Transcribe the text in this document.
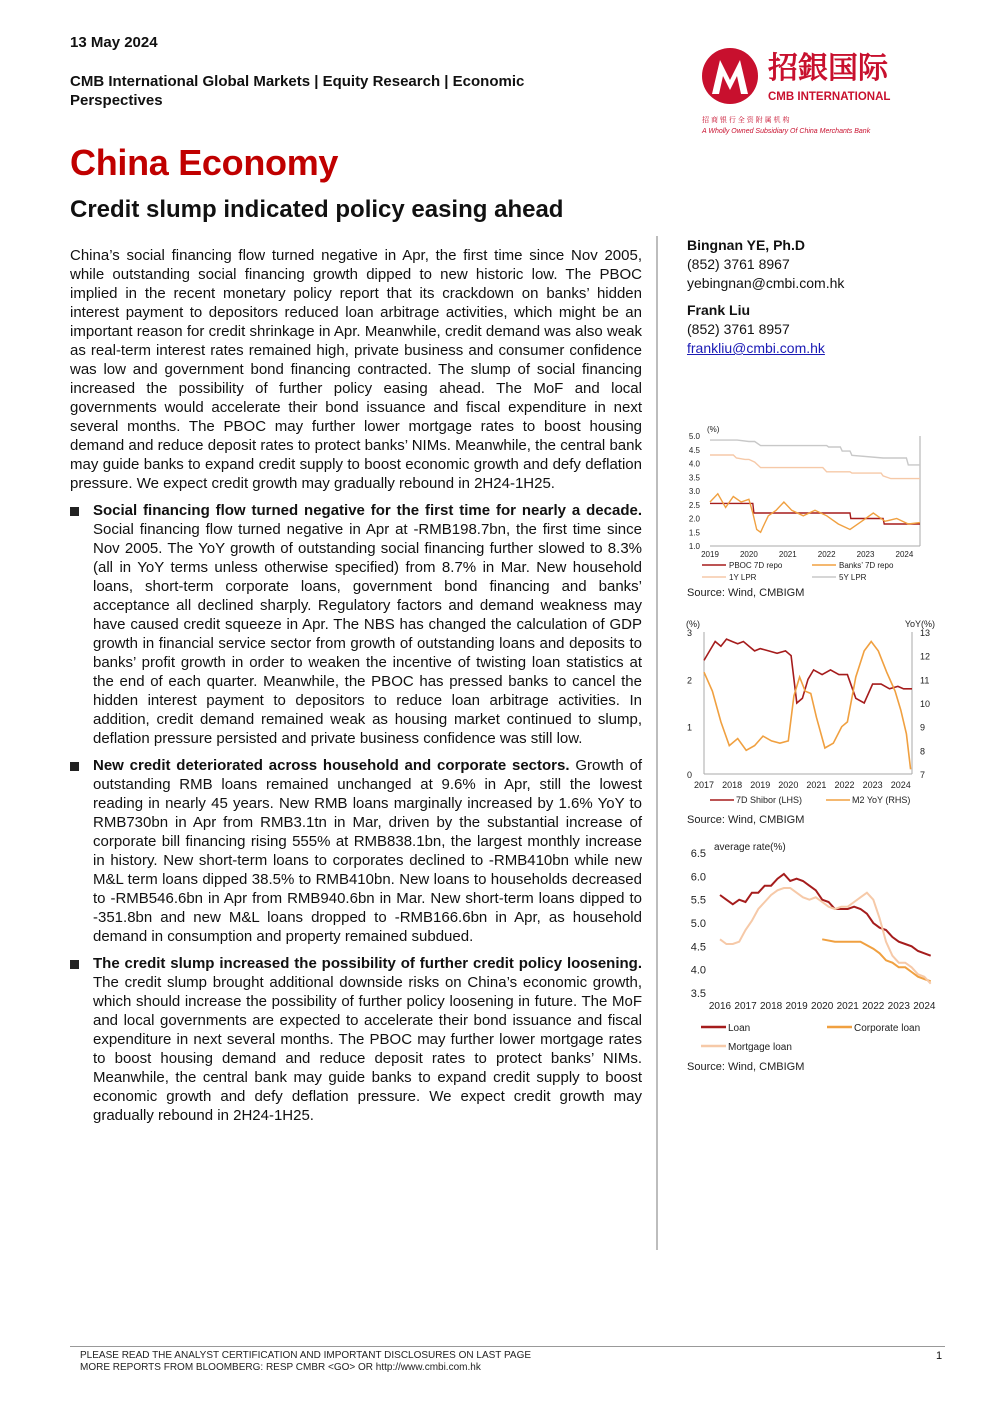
13 May 2024
CMB International Global Markets | Equity Research | Economic Perspectives
China Economy
Credit slump indicated policy easing ahead
招銀国际
CMB INTERNATIONAL
招 商 银 行 全 资 附 属 机 构
A Wholly Owned Subsidiary Of China Merchants Bank

China’s social financing flow turned negative in Apr, the first time since Nov 2005, while outstanding social financing growth dipped to new historic low. The PBOC implied in the recent monetary policy report that its crackdown on banks’ hidden interest payment to depositors reduced loan arbitrage activities, which might be an important reason for credit shrinkage in Apr. Meanwhile, credit demand was also weak as real-term interest rates remained high, private business and consumer confidence was low and government bond financing contracted. The slump of social financing increased the possibility of further policy easing ahead. The MoF and local governments would accelerate their bond issuance and fiscal expenditure in next several months. The PBOC may further lower mortgage rates to boost housing demand and reduce deposit rates to protect banks’ NIMs. Meanwhile, the central bank may guide banks to expand credit supply to boost economic growth and defy deflation pressure. We expect credit growth may gradually rebound in 2H24-1H25.

Social financing flow turned negative for the first time for nearly a decade. Social financing flow turned negative in Apr at -RMB198.7bn, the first time since Nov 2005. The YoY growth of outstanding social financing further slowed to 8.3% (all in YoY terms unless otherwise specified) from 8.7% in Mar. New household loans, short-term corporate loans, government bond financing and banks’ acceptance all declined sharply. Regulatory factors and demand weakness may have caused credit squeeze in Apr. The NBS has changed the calculation of GDP growth in financial service sector from growth of outstanding loans and deposits to banks’ profit growth in order to weaken the incentive of twisting loan statistics at the end of each quarter. Meanwhile, the PBOC has pressed banks to cancel the hidden interest payment to depositors to reduce loan arbitrage activities. In addition, credit demand remained weak as housing market continued to slump, deflation pressure persisted and private business confidence was still low.
New credit deteriorated across household and corporate sectors. Growth of outstanding RMB loans remained unchanged at 9.6% in Apr, still the lowest reading in nearly 45 years. New RMB loans marginally increased by 1.6% YoY to RMB730bn in Apr from RMB3.1tn in Mar, driven by the substantial increase of corporate bill financing rising 555% at RMB838.1bn, the largest monthly increase in history. New short-term loans to corporates declined to -RMB410bn while new M&L term loans dipped 38.5% to RMB410bn. New loans to households decreased to -RMB546.6bn in Apr from RMB940.6bn in Mar. New short-term loans dipped to -351.8bn and new M&L loans dropped to -RMB166.6bn in Apr, as household demand in consumption and property remained subdued.
The credit slump increased the possibility of further credit policy loosening. The credit slump brought additional downside risks on China’s economic growth, which should increase the possibility of further policy loosening in future. The MoF and local governments are expected to accelerate their bond issuance and fiscal expenditure in next several months. The PBOC may further lower mortgage rates to boost housing demand and reduce deposit rates to protect banks’ NIMs. Meanwhile, the central bank may guide banks to expand credit supply to boost economic growth and defy deflation pressure. We expect credit growth may gradually rebound in 2H24-1H25.
Bingnan YE, Ph.D
(852) 3761 8967
yebingnan@cmbi.com.hk
Frank Liu
(852) 3761 8957
frankliu@cmbi.com.hk
(%)
5.0
4.5
4.0
3.5
3.0
2.5
2.0
1.5
1.0
2019	2020	2021	2022	2023	2024
PBOC 7D repo	Banks’ 7D repo
1Y LPR	5Y LPR
Source: Wind, CMBIGM
(%)	YoY(%)
3
2
1
0
13
12
11
10
9
8
7
2017 2018 2019 2020 2021 2022 2023 2024
7D Shibor (LHS)	M2 YoY (RHS)
Source: Wind, CMBIGM
average rate(%)
6.5
6.0
5.5
5.0
4.5
4.0
3.5
2016 2017 2018 2019 2020 2021 2022 2023 2024
Loan	Corporate loan
Mortgage loan
Source: Wind, CMBIGM
PLEASE READ THE ANALYST CERTIFICATION AND IMPORTANT DISCLOSURES ON LAST PAGE
MORE REPORTS FROM BLOOMBERG: RESP CMBR <GO> OR http://www.cmbi.com.hk
1
